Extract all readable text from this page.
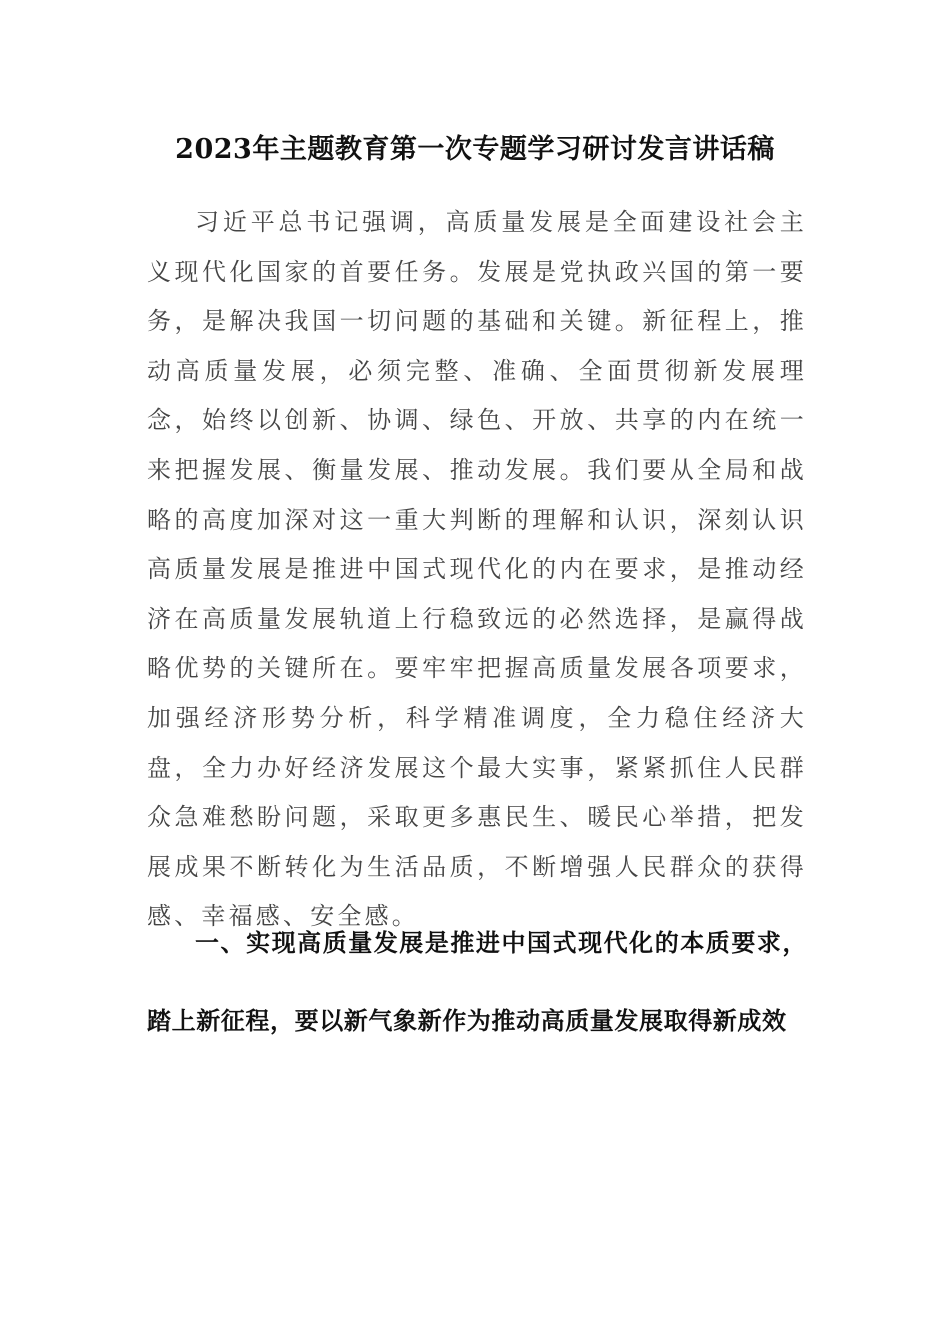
2023年主题教育第一次专题学习研讨发言讲话稿

习近平总书记强调，高质量发展是全面建设社会主义现代化国家的首要任务。发展是党执政兴国的第一要务，是解决我国一切问题的基础和关键。新征程上，推动高质量发展，必须完整、准确、全面贯彻新发展理念，始终以创新、协调、绿色、开放、共享的内在统一来把握发展、衡量发展、推动发展。我们要从全局和战略的高度加深对这一重大判断的理解和认识，深刻认识高质量发展是推进中国式现代化的内在要求，是推动经济在高质量发展轨道上行稳致远的必然选择，是赢得战略优势的关键所在。要牢牢把握高质量发展各项要求，加强经济形势分析，科学精准调度，全力稳住经济大盘，全力办好经济发展这个最大实事，紧紧抓住人民群众急难愁盼问题，采取更多惠民生、暖民心举措，把发展成果不断转化为生活品质，不断增强人民群众的获得感、幸福感、安全感。

一、实现高质量发展是推进中国式现代化的本质要求，踏上新征程，要以新气象新作为推动高质量发展取得新成效
